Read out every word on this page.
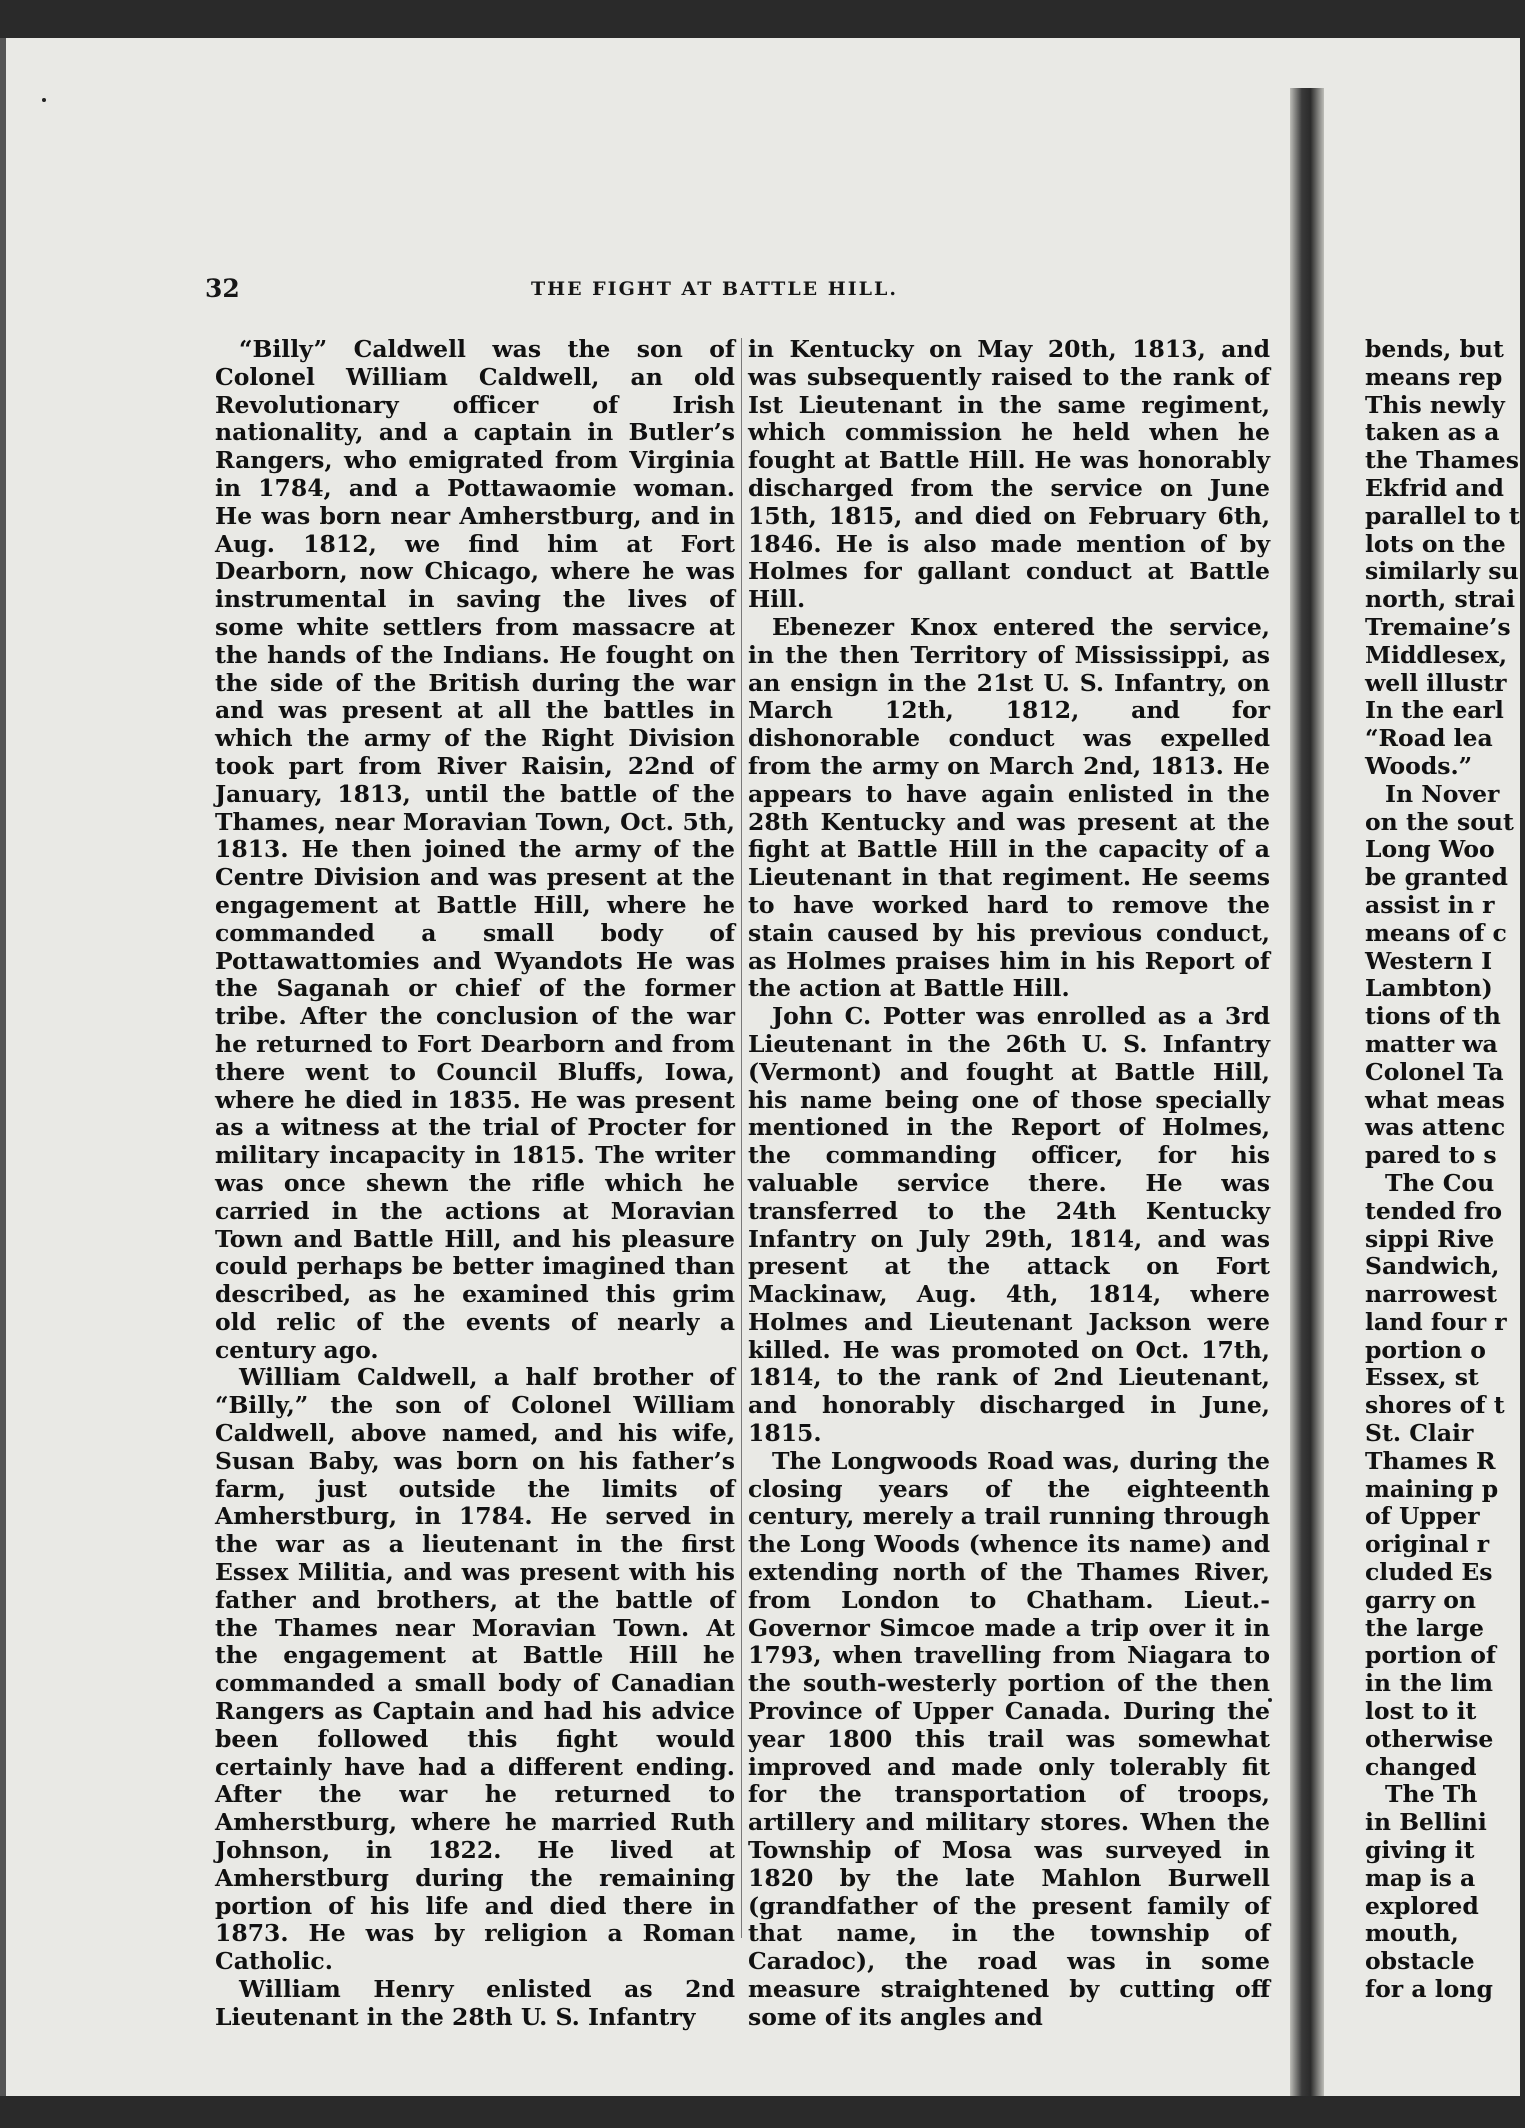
32	THE FIGHT AT BATTLE HILL.

“Billy” Caldwell was the son of Colonel William Caldwell, an old Revolutionary officer of Irish nationality, and a captain in Butler’s Rangers, who emigrated from Virginia in 1784, and a Pottawaomie woman. He was born near Amherstburg, and in Aug. 1812, we find him at Fort Dearborn, now Chicago, where he was instrumental in saving the lives of some white settlers from massacre at the hands of the Indians. He fought on the side of the British during the war and was present at all the battles in which the army of the Right Division took part from River Raisin, 22nd of January, 1813, until the battle of the Thames, near Moravian Town, Oct. 5th, 1813. He then joined the army of the Centre Division and was present at the engagement at Battle Hill, where he commanded a small body of Pottawattomies and Wyandots He was the Saganah or chief of the former tribe. After the conclusion of the war he returned to Fort Dearborn and from there went to Council Bluffs, Iowa, where he died in 1835. He was present as a witness at the trial of Procter for military incapacity in 1815. The writer was once shewn the rifle which he carried in the actions at Moravian Town and Battle Hill, and his pleasure could perhaps be better imagined than described, as he examined this grim old relic of the events of nearly a century ago.

William Caldwell, a half brother of “Billy,” the son of Colonel William Caldwell, above named, and his wife, Susan Baby, was born on his father’s farm, just outside the limits of Amherstburg, in 1784. He served in the war as a lieutenant in the first Essex Militia, and was present with his father and brothers, at the battle of the Thames near Moravian Town. At the engagement at Battle Hill he commanded a small body of Canadian Rangers as Captain and had his advice been followed this fight would certainly have had a different ending. After the war he returned to Amherstburg, where he married Ruth Johnson, in 1822. He lived at Amherstburg during the remaining portion of his life and died there in 1873. He was by religion a Roman Catholic.

William Henry enlisted as 2nd Lieutenant in the 28th U. S. Infantry

in Kentucky on May 20th, 1813, and was subsequently raised to the rank of Ist Lieutenant in the same regiment, which commission he held when he fought at Battle Hill. He was honorably discharged from the service on June 15th, 1815, and died on February 6th, 1846. He is also made mention of by Holmes for gallant conduct at Battle Hill.

Ebenezer Knox entered the service, in the then Territory of Mississippi, as an ensign in the 21st U. S. Infantry, on March 12th, 1812, and for dishonorable conduct was expelled from the army on March 2nd, 1813. He appears to have again enlisted in the 28th Kentucky and was present at the fight at Battle Hill in the capacity of a Lieutenant in that regiment. He seems to have worked hard to remove the stain caused by his previous conduct, as Holmes praises him in his Report of the action at Battle Hill.

John C. Potter was enrolled as a 3rd Lieutenant in the 26th U. S. Infantry (Vermont) and fought at Battle Hill, his name being one of those specially mentioned in the Report of Holmes, the commanding officer, for his valuable service there. He was transferred to the 24th Kentucky Infantry on July 29th, 1814, and was present at the attack on Fort Mackinaw, Aug. 4th, 1814, where Holmes and Lieutenant Jackson were killed. He was promoted on Oct. 17th, 1814, to the rank of 2nd Lieutenant, and honorably discharged in June, 1815.

The Longwoods Road was, during the closing years of the eighteenth century, merely a trail running through the Long Woods (whence its name) and extending north of the Thames River, from London to Chatham. Lieut.-Governor Simcoe made a trip over it in 1793, when travelling from Niagara to the south-westerly portion of the then Province of Upper Canada. During the year 1800 this trail was somewhat improved and made only tolerably fit for the transportation of troops, artillery and military stores. When the Township of Mosa was surveyed in 1820 by the late Mahlon Burwell (grandfather of the present family of that name, in the township of Caradoc), the road was in some measure straightened by cutting off some of its angles and

bends, but
means rep
This newly
taken as a
the Thames
Ekfrid and
parallel to t
lots on the
similarly su
north, strai
Tremaine’s
Middlesex,
well illustr
In the earl
“Road lea
Woods.”
In Nover
on the sout
Long Woo
be granted
assist in r
means of c
Western I
Lambton)
tions of th
matter wa
Colonel Ta
what meas
was attenc
pared to s
The Cou
tended fro
sippi Rive
Sandwich,
narrowest
land four r
portion o
Essex, st
shores of t
St. Clair
Thames R
maining p
of Upper
original r
cluded Es
garry on
the large
portion of
in the lim
lost to it
otherwise
changed
The Th
in Bellini
giving it
map is a
explored
mouth,
obstacle
for a long
